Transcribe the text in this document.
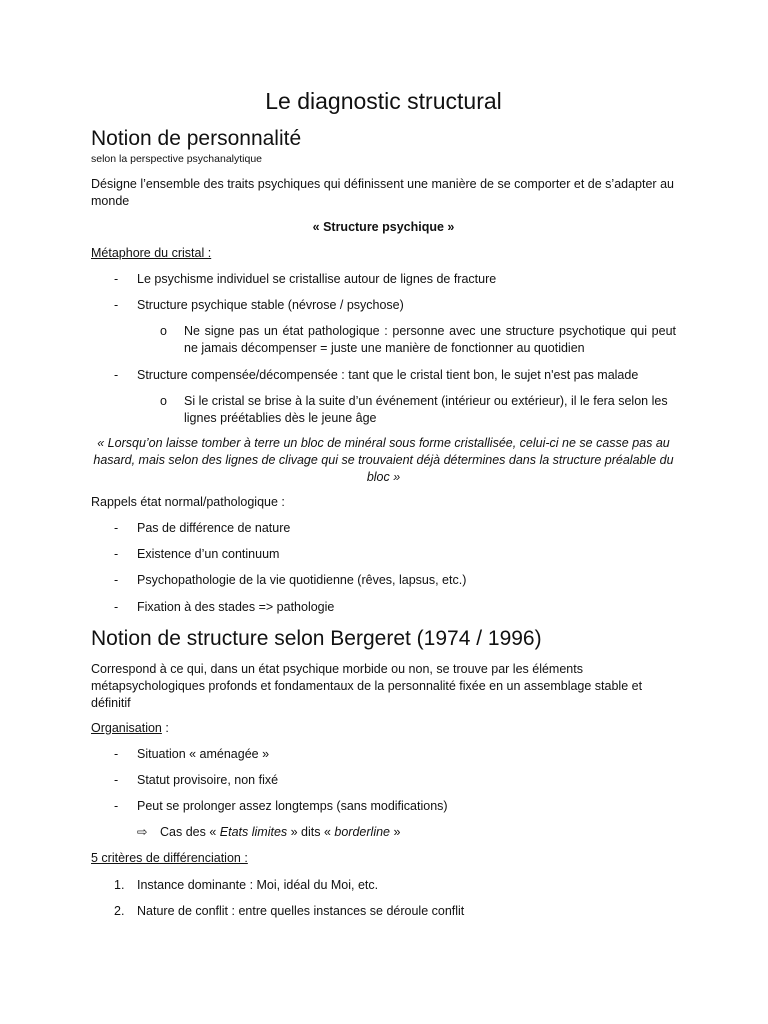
Le diagnostic structural
Notion de personnalité
selon la perspective psychanalytique
Désigne l’ensemble des traits psychiques qui définissent une manière de se comporter et de s’adapter au monde
« Structure psychique »
Métaphore du cristal :
- Le psychisme individuel se cristallise autour de lignes de fracture
- Structure psychique stable (névrose / psychose)
o Ne signe pas un état pathologique : personne avec une structure psychotique qui peut ne jamais décompenser = juste une manière de fonctionner au quotidien
- Structure compensée/décompensée : tant que le cristal tient bon, le sujet n'est pas malade
o Si le cristal se brise à la suite d’un événement (intérieur ou extérieur), il le fera selon les lignes préétablies dès le jeune âge
« Lorsqu’on laisse tomber à terre un bloc de minéral sous forme cristallisée, celui-ci ne se casse pas au hasard, mais selon des lignes de clivage qui se trouvaient déjà détermines dans la structure préalable du bloc »
Rappels état normal/pathologique :
- Pas de différence de nature
- Existence d’un continuum
- Psychopathologie de la vie quotidienne (rêves, lapsus, etc.)
- Fixation à des stades => pathologie
Notion de structure selon Bergeret (1974 / 1996)
Correspond à ce qui, dans un état psychique morbide ou non, se trouve par les éléments métapsychologiques profonds et fondamentaux de la personnalité fixée en un assemblage stable et définitif
Organisation :
- Situation « aménagée »
- Statut provisoire, non fixé
- Peut se prolonger assez longtemps (sans modifications)
⇨ Cas des « Etats limites » dits « borderline »
5 critères de différenciation :
1. Instance dominante : Moi, idéal du Moi, etc.
2. Nature de conflit : entre quelles instances se déroule conflit
